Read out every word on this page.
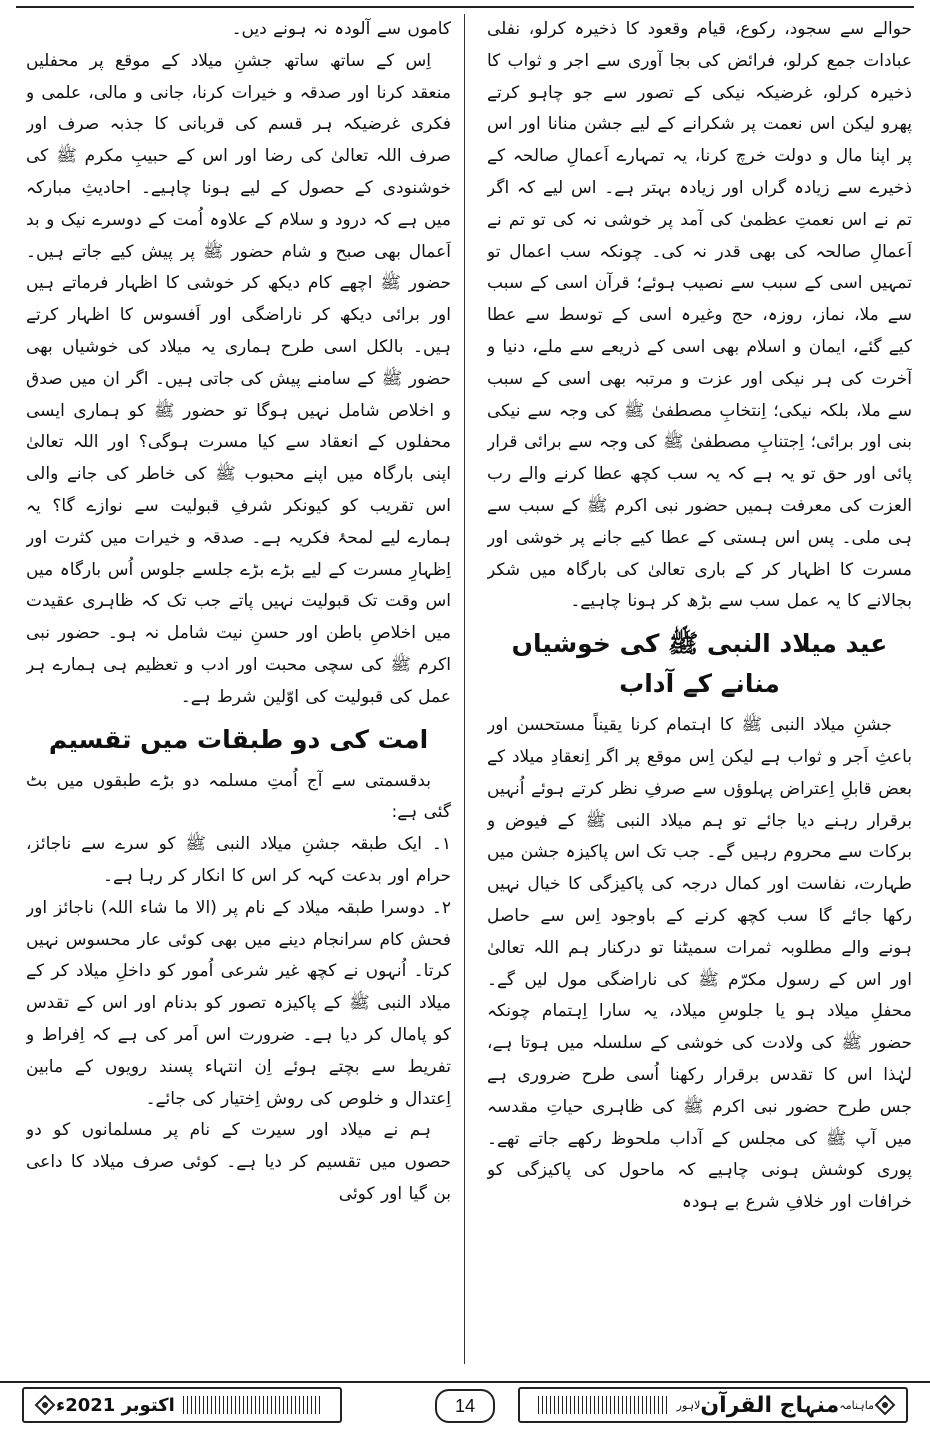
حوالے سے سجود، رکوع، قیام وقعود کا ذخیرہ کرلو، نفلی عبادات جمع کرلو، فرائض کی بجا آوری سے اجر و ثواب کا ذخیرہ کرلو، غرضیکہ نیکی کے تصور سے جو چاہو کرتے پھرو لیکن اس نعمت پر شکرانے کے لیے جشن منانا اور اس پر اپنا مال و دولت خرچ کرنا، یہ تمہارے اَعمالِ صالحہ کے ذخیرے سے زیادہ گراں اور زیادہ بہتر ہے۔ اس لیے کہ اگر تم نے اس نعمتِ عظمیٰ کی آمد پر خوشی نہ کی تو تم نے اَعمالِ صالحہ کی بھی قدر نہ کی۔ چونکہ سب اعمال تو تمہیں اسی کے سبب سے نصیب ہوئے؛ قرآن اسی کے سبب سے ملا، نماز، روزہ، حج وغیرہ اسی کے توسط سے عطا کیے گئے، ایمان و اسلام بھی اسی کے ذریعے سے ملے، دنیا و آخرت کی ہر نیکی اور عزت و مرتبہ بھی اسی کے سبب سے ملا، بلکہ نیکی؛ اِنتخابِ مصطفیٰ ﷺ کی وجہ سے نیکی بنی اور برائی؛ اِجتنابِ مصطفیٰ ﷺ کی وجہ سے برائی قرار پائی اور حق تو یہ ہے کہ یہ سب کچھ عطا کرنے والے رب العزت کی معرفت ہمیں حضور نبی اکرم ﷺ کے سبب سے ہی ملی۔ پس اس ہستی کے عطا کیے جانے پر خوشی اور مسرت کا اظہار کر کے باری تعالیٰ کی بارگاہ میں شکر بجالانے کا یہ عمل سب سے بڑھ کر ہونا چاہیے۔

عید میلاد النبی ﷺ کی خوشیاں منانے کے آداب

جشنِ میلاد النبی ﷺ کا اہتمام کرنا یقیناً مستحسن اور باعثِ اَجر و ثواب ہے لیکن اِس موقع پر اگر اِنعقادِ میلاد کے بعض قابلِ اِعتراض پہلوؤں سے صرفِ نظر کرتے ہوئے اُنہیں برقرار رہنے دیا جائے تو ہم میلاد النبی ﷺ کے فیوض و برکات سے محروم رہیں گے۔ جب تک اس پاکیزہ جشن میں طہارت، نفاست اور کمال درجہ کی پاکیزگی کا خیال نہیں رکھا جائے گا سب کچھ کرنے کے باوجود اِس سے حاصل ہونے والے مطلوبہ ثمرات سمیٹنا تو درکنار ہم اللہ تعالیٰ اور اس کے رسول مکرّم ﷺ کی ناراضگی مول لیں گے۔ محفلِ میلاد ہو یا جلوسِ میلاد، یہ سارا اِہتمام چونکہ حضور ﷺ کی ولادت کی خوشی کے سلسلہ میں ہوتا ہے، لہٰذا اس کا تقدس برقرار رکھنا اُسی طرح ضروری ہے جس طرح حضور نبی اکرم ﷺ کی ظاہری حیاتِ مقدسہ میں آپ ﷺ کی مجلس کے آداب ملحوظ رکھے جاتے تھے۔ پوری کوشش ہونی چاہیے کہ ماحول کی پاکیزگی کو خرافات اور خلافِ شرع بے ہودہ

کاموں سے آلودہ نہ ہونے دیں۔

اِس کے ساتھ ساتھ جشنِ میلاد کے موقع پر محفلیں منعقد کرنا اور صدقہ و خیرات کرنا، جانی و مالی، علمی و فکری غرضیکہ ہر قسم کی قربانی کا جذبہ صرف اور صرف اللہ تعالیٰ کی رضا اور اس کے حبیبِ مکرم ﷺ کی خوشنودی کے حصول کے لیے ہونا چاہیے۔ احادیثِ مبارکہ میں ہے کہ درود و سلام کے علاوہ اُمت کے دوسرے نیک و بد اَعمال بھی صبح و شام حضور ﷺ پر پیش کیے جاتے ہیں۔ حضور ﷺ اچھے کام دیکھ کر خوشی کا اظہار فرماتے ہیں اور برائی دیکھ کر ناراضگی اور اَفسوس کا اظہار کرتے ہیں۔ بالکل اسی طرح ہماری یہ میلاد کی خوشیاں بھی حضور ﷺ کے سامنے پیش کی جاتی ہیں۔ اگر ان میں صدق و اخلاص شامل نہیں ہوگا تو حضور ﷺ کو ہماری ایسی محفلوں کے انعقاد سے کیا مسرت ہوگی؟ اور اللہ تعالیٰ اپنی بارگاہ میں اپنے محبوب ﷺ کی خاطر کی جانے والی اس تقریب کو کیونکر شرفِ قبولیت سے نوازے گا؟ یہ ہمارے لیے لمحۂ فکریہ ہے۔ صدقہ و خیرات میں کثرت اور اِظہارِ مسرت کے لیے بڑے بڑے جلسے جلوس اُس بارگاہ میں اس وقت تک قبولیت نہیں پاتے جب تک کہ ظاہری عقیدت میں اخلاصِ باطن اور حسنِ نیت شامل نہ ہو۔ حضور نبی اکرم ﷺ کی سچی محبت اور ادب و تعظیم ہی ہمارے ہر عمل کی قبولیت کی اوّلین شرط ہے۔

امت کی دو طبقات میں تقسیم

بدقسمتی سے آج اُمتِ مسلمہ دو بڑے طبقوں میں بٹ گئی ہے:

۱۔ ایک طبقہ جشنِ میلاد النبی ﷺ کو سرے سے ناجائز، حرام اور بدعت کہہ کر اس کا انکار کر رہا ہے۔

۲۔ دوسرا طبقہ میلاد کے نام پر (الا ما شاء اللہ) ناجائز اور فحش کام سرانجام دینے میں بھی کوئی عار محسوس نہیں کرتا۔ اُنہوں نے کچھ غیر شرعی اُمور کو داخلِ میلاد کر کے میلاد النبی ﷺ کے پاکیزہ تصور کو بدنام اور اس کے تقدس کو پامال کر دیا ہے۔ ضرورت اس اَمر کی ہے کہ اِفراط و تفریط سے بچتے ہوئے اِن انتہاء پسند رویوں کے مابین اِعتدال و خلوص کی روش اِختیار کی جائے۔

ہم نے میلاد اور سیرت کے نام پر مسلمانوں کو دو حصوں میں تقسیم کر دیا ہے۔ کوئی صرف میلاد کا داعی بن گیا اور کوئی

ماہنامہ
منہاج القرآن
لاہور
14
اکتوبر 2021ء
